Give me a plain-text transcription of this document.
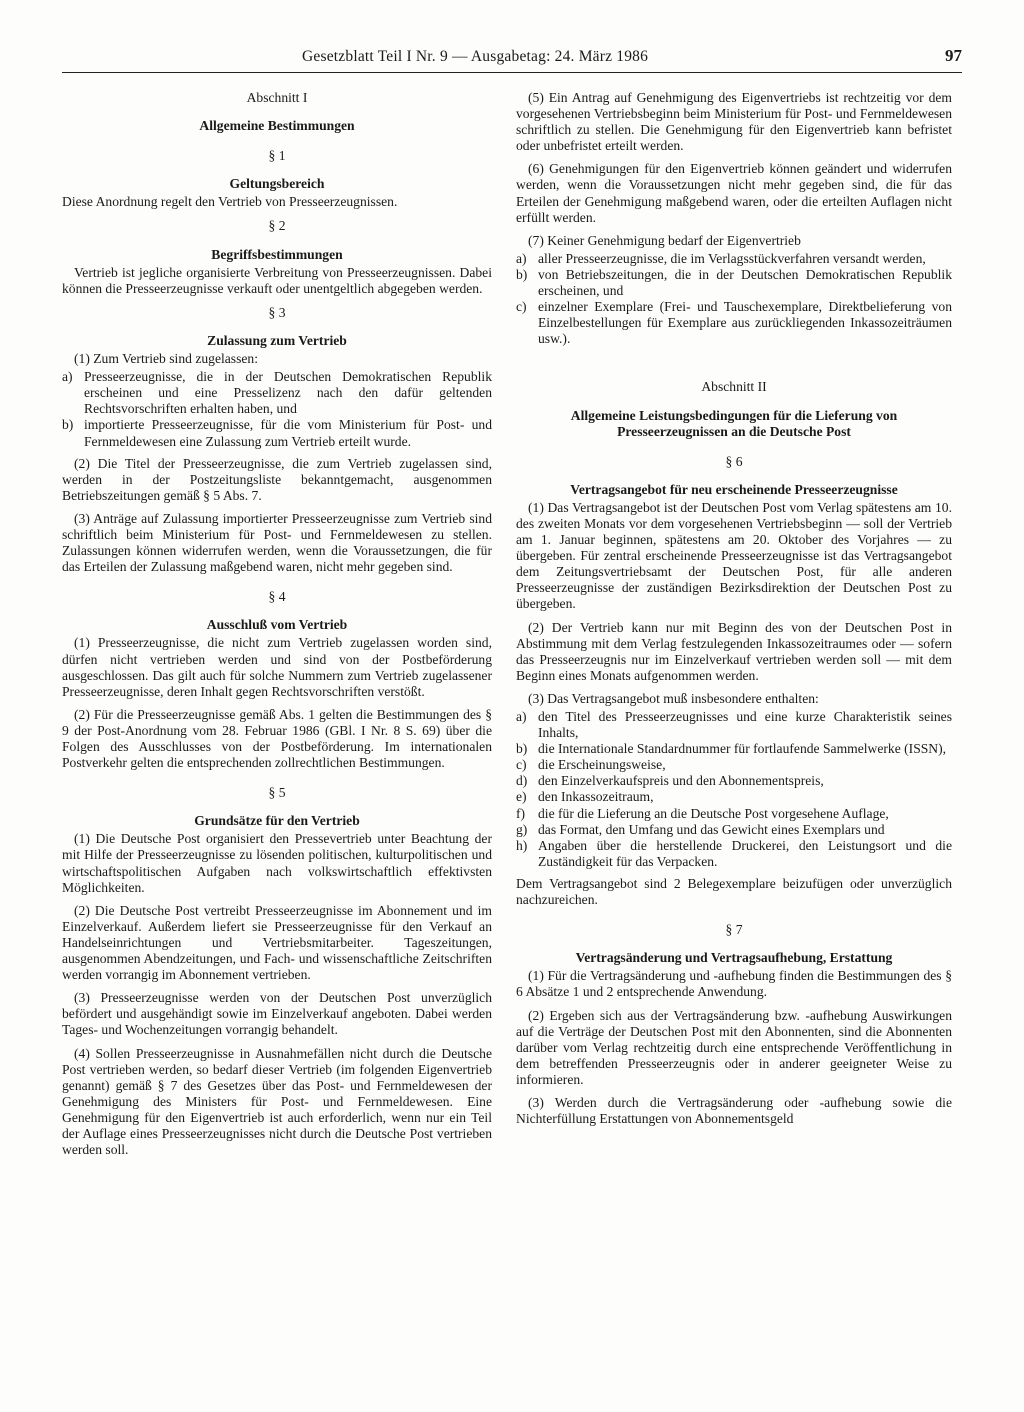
Gesetzblatt Teil I Nr. 9 — Ausgabetag: 24. März 1986	97
Abschnitt I
Allgemeine Bestimmungen
§ 1
Geltungsbereich
Diese Anordnung regelt den Vertrieb von Presseerzeugnissen.
§ 2
Begriffsbestimmungen
Vertrieb ist jegliche organisierte Verbreitung von Presseerzeugnissen. Dabei können die Presseerzeugnisse verkauft oder unentgeltlich abgegeben werden.
§ 3
Zulassung zum Vertrieb
(1) Zum Vertrieb sind zugelassen:
a) Presseerzeugnisse, die in der Deutschen Demokratischen Republik erscheinen und eine Presselizenz nach den dafür geltenden Rechtsvorschriften erhalten haben, und
b) importierte Presseerzeugnisse, für die vom Ministerium für Post- und Fernmeldewesen eine Zulassung zum Vertrieb erteilt wurde.
(2) Die Titel der Presseerzeugnisse, die zum Vertrieb zugelassen sind, werden in der Postzeitungsliste bekanntgemacht, ausgenommen Betriebszeitungen gemäß § 5 Abs. 7.
(3) Anträge auf Zulassung importierter Presseerzeugnisse zum Vertrieb sind schriftlich beim Ministerium für Post- und Fernmeldewesen zu stellen. Zulassungen können widerrufen werden, wenn die Voraussetzungen, die für das Erteilen der Zulassung maßgebend waren, nicht mehr gegeben sind.
§ 4
Ausschluß vom Vertrieb
(1) Presseerzeugnisse, die nicht zum Vertrieb zugelassen worden sind, dürfen nicht vertrieben werden und sind von der Postbeförderung ausgeschlossen. Das gilt auch für solche Nummern zum Vertrieb zugelassener Presseerzeugnisse, deren Inhalt gegen Rechtsvorschriften verstößt.
(2) Für die Presseerzeugnisse gemäß Abs. 1 gelten die Bestimmungen des § 9 der Post-Anordnung vom 28. Februar 1986 (GBl. I Nr. 8 S. 69) über die Folgen des Ausschlusses von der Postbeförderung. Im internationalen Postverkehr gelten die entsprechenden zollrechtlichen Bestimmungen.
§ 5
Grundsätze für den Vertrieb
(1) Die Deutsche Post organisiert den Pressevertrieb unter Beachtung der mit Hilfe der Presseerzeugnisse zu lösenden politischen, kulturpolitischen und wirtschaftspolitischen Aufgaben nach volkswirtschaftlich effektivsten Möglichkeiten.
(2) Die Deutsche Post vertreibt Presseerzeugnisse im Abonnement und im Einzelverkauf. Außerdem liefert sie Presseerzeugnisse für den Verkauf an Handelseinrichtungen und Vertriebsmitarbeiter. Tageszeitungen, ausgenommen Abendzeitungen, und Fach- und wissenschaftliche Zeitschriften werden vorrangig im Abonnement vertrieben.
(3) Presseerzeugnisse werden von der Deutschen Post unverzüglich befördert und ausgehändigt sowie im Einzelverkauf angeboten. Dabei werden Tages- und Wochenzeitungen vorrangig behandelt.
(4) Sollen Presseerzeugnisse in Ausnahmefällen nicht durch die Deutsche Post vertrieben werden, so bedarf dieser Vertrieb (im folgenden Eigenvertrieb genannt) gemäß § 7 des Gesetzes über das Post- und Fernmeldewesen der Genehmigung des Ministers für Post- und Fernmeldewesen. Eine Genehmigung für den Eigenvertrieb ist auch erforderlich, wenn nur ein Teil der Auflage eines Presseerzeugnisses nicht durch die Deutsche Post vertrieben werden soll.
(5) Ein Antrag auf Genehmigung des Eigenvertriebs ist rechtzeitig vor dem vorgesehenen Vertriebsbeginn beim Ministerium für Post- und Fernmeldewesen schriftlich zu stellen. Die Genehmigung für den Eigenvertrieb kann befristet oder unbefristet erteilt werden.
(6) Genehmigungen für den Eigenvertrieb können geändert und widerrufen werden, wenn die Voraussetzungen nicht mehr gegeben sind, die für das Erteilen der Genehmigung maßgebend waren, oder die erteilten Auflagen nicht erfüllt werden.
(7) Keiner Genehmigung bedarf der Eigenvertrieb
a) aller Presseerzeugnisse, die im Verlagsstückverfahren versandt werden,
b) von Betriebszeitungen, die in der Deutschen Demokratischen Republik erscheinen, und
c) einzelner Exemplare (Frei- und Tauschexemplare, Direktbelieferung von Einzelbestellungen für Exemplare aus zurückliegenden Inkassozeiträumen usw.).
Abschnitt II
Allgemeine Leistungsbedingungen für die Lieferung von Presseerzeugnissen an die Deutsche Post
§ 6
Vertragsangebot für neu erscheinende Presseerzeugnisse
(1) Das Vertragsangebot ist der Deutschen Post vom Verlag spätestens am 10. des zweiten Monats vor dem vorgesehenen Vertriebsbeginn — soll der Vertrieb am 1. Januar beginnen, spätestens am 20. Oktober des Vorjahres — zu übergeben. Für zentral erscheinende Presseerzeugnisse ist das Vertragsangebot dem Zeitungsvertriebsamt der Deutschen Post, für alle anderen Presseerzeugnisse der zuständigen Bezirksdirektion der Deutschen Post zu übergeben.
(2) Der Vertrieb kann nur mit Beginn des von der Deutschen Post in Abstimmung mit dem Verlag festzulegenden Inkassozeitraumes oder — sofern das Presseerzeugnis nur im Einzelverkauf vertrieben werden soll — mit dem Beginn eines Monats aufgenommen werden.
(3) Das Vertragsangebot muß insbesondere enthalten:
a) den Titel des Presseerzeugnisses und eine kurze Charakteristik seines Inhalts,
b) die Internationale Standardnummer für fortlaufende Sammelwerke (ISSN),
c) die Erscheinungsweise,
d) den Einzelverkaufspreis und den Abonnementspreis,
e) den Inkassozeitraum,
f) die für die Lieferung an die Deutsche Post vorgesehene Auflage,
g) das Format, den Umfang und das Gewicht eines Exemplars und
h) Angaben über die herstellende Druckerei, den Leistungsort und die Zuständigkeit für das Verpacken.
Dem Vertragsangebot sind 2 Belegexemplare beizufügen oder unverzüglich nachzureichen.
§ 7
Vertragsänderung und Vertragsaufhebung, Erstattung
(1) Für die Vertragsänderung und -aufhebung finden die Bestimmungen des § 6 Absätze 1 und 2 entsprechende Anwendung.
(2) Ergeben sich aus der Vertragsänderung bzw. -aufhebung Auswirkungen auf die Verträge der Deutschen Post mit den Abonnenten, sind die Abonnenten darüber vom Verlag rechtzeitig durch eine entsprechende Veröffentlichung in dem betreffenden Presseerzeugnis oder in anderer geeigneter Weise zu informieren.
(3) Werden durch die Vertragsänderung oder -aufhebung sowie die Nichterfüllung Erstattungen von Abonnementsgeld
